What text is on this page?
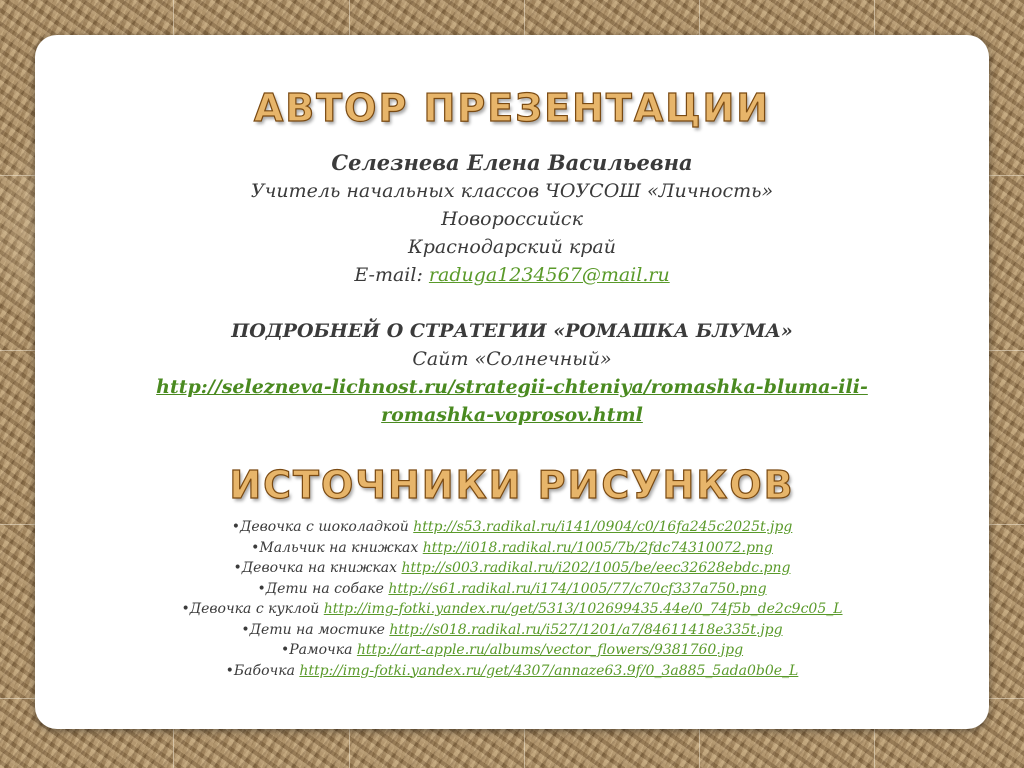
АВТОР ПРЕЗЕНТАЦИИ
Селезнева Елена Васильевна
Учитель начальных классов ЧОУСОШ «Личность»
Новороссийск
Краснодарский край
E-mail: raduga1234567@mail.ru
ПОДРОБНЕЙ О СТРАТЕГИИ «РОМАШКА БЛУМА»
Сайт «Солнечный»
http://selezneva-lichnost.ru/strategii-chteniya/romashka-bluma-ili-romashka-voprosov.html
ИСТОЧНИКИ РИСУНКОВ
•Девочка с шоколадкой http://s53.radikal.ru/i141/0904/c0/16fa245c2025t.jpg
•Мальчик на книжках http://i018.radikal.ru/1005/7b/2fdc74310072.png
•Девочка на книжках http://s003.radikal.ru/i202/1005/be/eec32628ebdc.png
•Дети на собаке http://s61.radikal.ru/i174/1005/77/c70cf337a750.png
•Девочка с куклой http://img-fotki.yandex.ru/get/5313/102699435.44e/0_74f5b_de2c9c05_L
•Дети на мостике http://s018.radikal.ru/i527/1201/a7/84611418e335t.jpg
•Рамочка http://art-apple.ru/albums/vector_flowers/9381760.jpg
•Бабочка http://img-fotki.yandex.ru/get/4307/annaze63.9f/0_3a885_5ada0b0e_L
